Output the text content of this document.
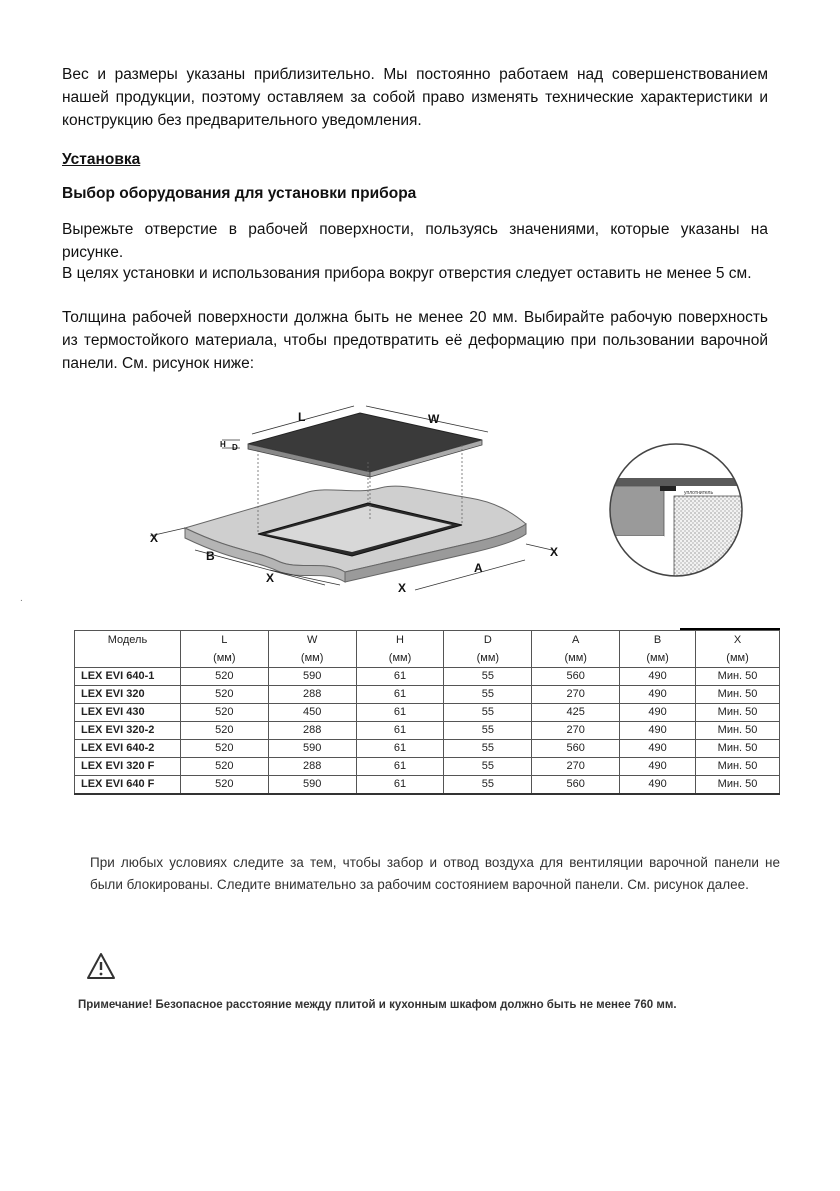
Вес и размеры указаны приблизительно. Мы постоянно работаем над совершенствованием нашей продукции, поэтому оставляем за собой право изменять технические характеристики и конструкцию без предварительного уведомления.

Установка

Выбор оборудования для установки прибора

Вырежьте отверстие в рабочей поверхности, пользуясь значениями, которые указаны на рисунке.

В целях установки и использования прибора вокруг отверстия следует оставить не менее 5 см.

Толщина рабочей поверхности должна быть не менее 20 мм. Выбирайте рабочую поверхность из термостойкого материала, чтобы предотвратить её деформацию при пользовании варочной панели. См. рисунок ниже:

L	W
H D
X
B
X
A
X
X
уплотнитель
.
Модель	L	W	H	D	A	B	X
	(мм)	(мм)	(мм)	(мм)	(мм)	(мм)	(мм)
LEX EVI 640-1	520	590	61	55	560	490	Мин. 50
LEX EVI 320	520	288	61	55	270	490	Мин. 50
LEX EVI 430	520	450	61	55	425	490	Мин. 50
LEX EVI 320-2	520	288	61	55	270	490	Мин. 50
LEX EVI 640-2	520	590	61	55	560	490	Мин. 50
LEX EVI 320 F	520	288	61	55	270	490	Мин. 50
LEX EVI 640 F	520	590	61	55	560	490	Мин. 50

При любых условиях следите за тем, чтобы забор и отвод воздуха для вентиляции варочной панели не были блокированы. Следите внимательно за рабочим состоянием варочной панели. См. рисунок далее.

Примечание! Безопасное расстояние между плитой и кухонным шкафом должно быть не менее 760 мм.
